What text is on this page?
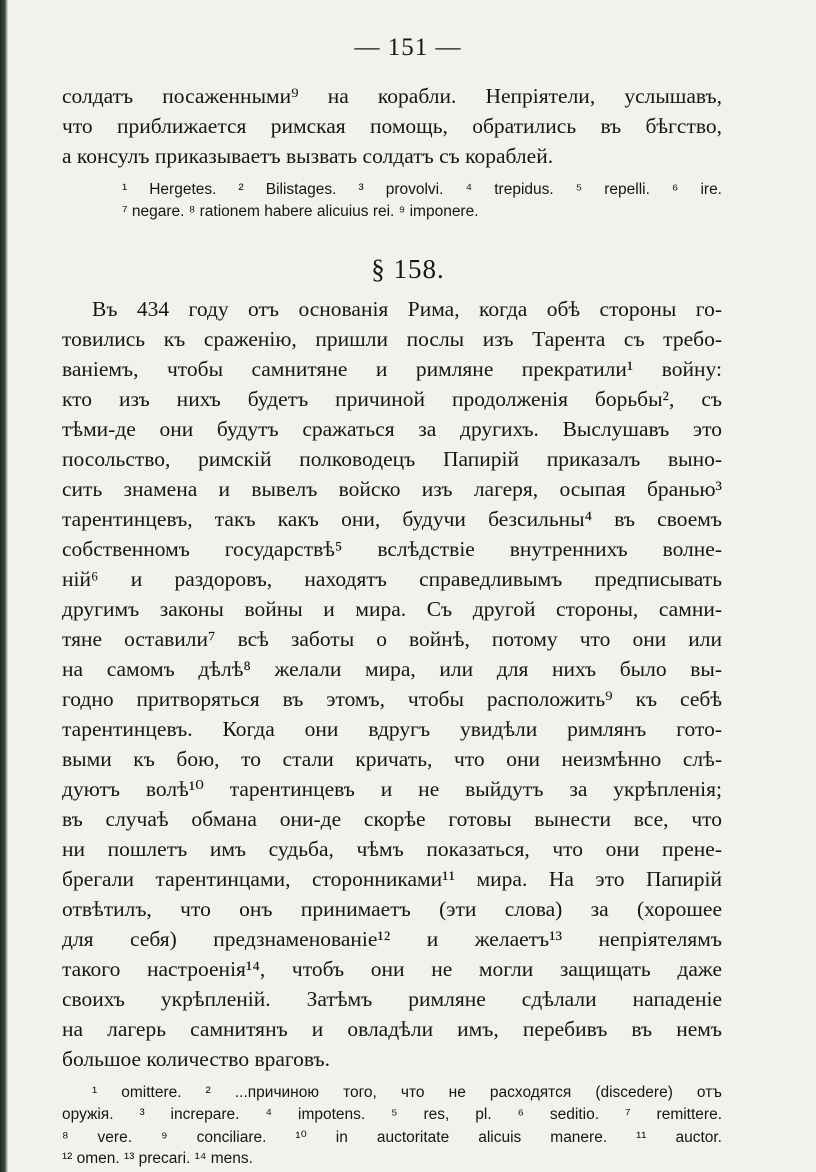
— 151 —
солдатъ посаженными⁹ на корабли. Непріятели, услышавъ,
что приближается римская помощь, обратились въ бѣгство,
а консулъ приказываетъ вызвать солдатъ съ кораблей.
¹ Hergetes. ² Bilistages. ³ provolvi. ⁴ trepidus. ⁵ repelli. ⁶ ire.
⁷ negare. ⁸ rationem habere alicuius rei. ⁹ imponere.
§ 158.
Въ 434 году отъ основанія Рима, когда обѣ стороны го-
товились къ сраженію, пришли послы изъ Тарента съ требо-
ваніемъ, чтобы самнитяне и римляне прекратили¹ войну:
кто изъ нихъ будетъ причиной продолженія борьбы², съ
тѣми-де они будутъ сражаться за другихъ. Выслушавъ это
посольство, римскій полководецъ Папирій приказалъ выно-
сить знамена и вывелъ войско изъ лагеря, осыпая бранью³
тарентинцевъ, такъ какъ они, будучи безсильны⁴ въ своемъ
собственномъ государствѣ⁵ вслѣдствіе внутреннихъ волне-
ній⁶ и раздоровъ, находятъ справедливымъ предписывать
другимъ законы войны и мира. Съ другой стороны, самни-
тяне оставили⁷ всѣ заботы о войнѣ, потому что они или
на самомъ дѣлѣ⁸ желали мира, или для нихъ было вы-
годно притворяться въ этомъ, чтобы расположить⁹ къ себѣ
тарентинцевъ. Когда они вдругъ увидѣли римлянъ гото-
выми къ бою, то стали кричать, что они неизмѣнно слѣ-
дуютъ волѣ¹⁰ тарентинцевъ и не выйдутъ за укрѣпленія;
въ случаѣ обмана они-де скорѣе готовы вынести все, что
ни пошлетъ имъ судьба, чѣмъ показаться, что они прене-
брегали тарентинцами, сторонниками¹¹ мира. На это Папирій
отвѣтилъ, что онъ принимаетъ (эти слова) за (хорошее
для себя) предзнаменованіе¹² и желаетъ¹³ непріятелямъ
такого настроенія¹⁴, чтобъ они не могли защищать даже
своихъ укрѣпленій. Затѣмъ римляне сдѣлали нападеніе
на лагерь самнитянъ и овладѣли имъ, перебивъ въ немъ
большое количество враговъ.
¹ omittere. ² ...причиною того, что не расходятся (discedere) отъ
оружія. ³ increpare. ⁴ impotens. ⁵ res, pl. ⁶ seditio. ⁷ remittere.
⁸ vere. ⁹ conciliare. ¹⁰ in auctoritate alicuis manere. ¹¹ auctor.
¹² omen. ¹³ precari. ¹⁴ mens.
